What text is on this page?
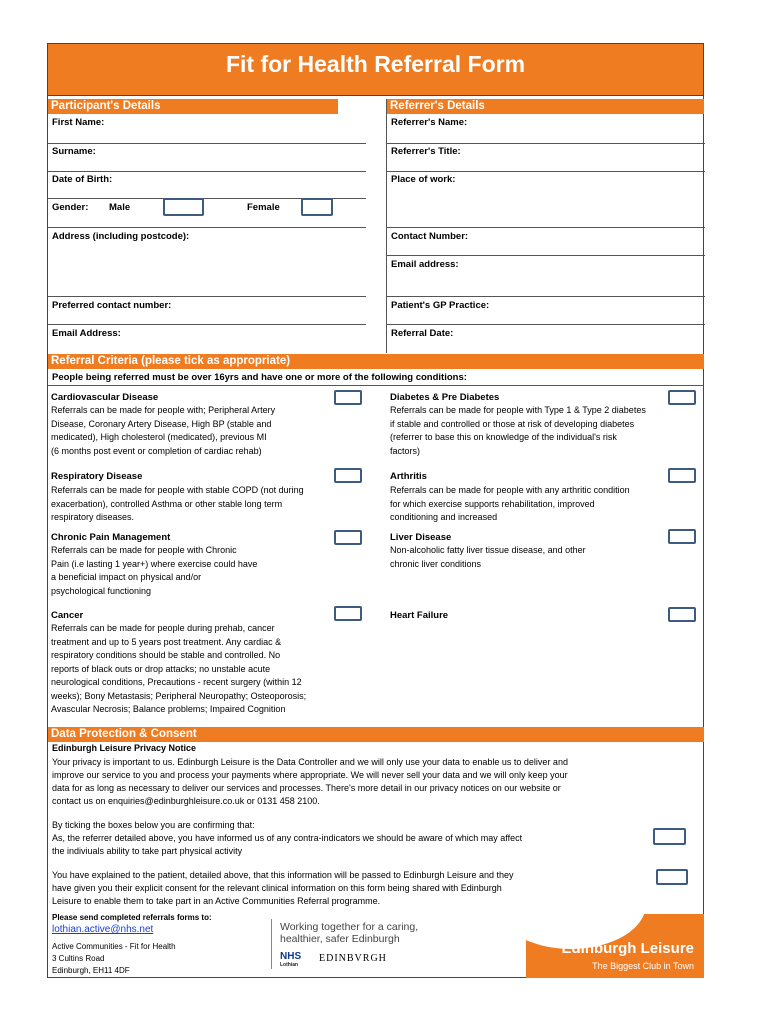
Fit for Health Referral Form
Participant's Details	Referrer's Details
First Name:
Surname:
Date of Birth:
Gender: Male	Female
Address (including postcode):
Preferred contact number:
Email Address:
Referrer's Name:
Referrer's Title:
Place of work:
Contact Number:
Email address:
Patient's GP Practice:
Referral Date:
Referral Criteria (please tick as appropriate)
People being referred must be over 16yrs and have one or more of the following conditions:
Cardiovascular Disease
Referrals can be made for people with; Peripheral Artery
Disease, Coronary Artery Disease, High BP (stable and
medicated), High cholesterol (medicated), previous MI
(6 months post event or completion of cardiac rehab)
Diabetes & Pre Diabetes
Referrals can be made for people with Type 1 & Type 2 diabetes
if stable and controlled or those at risk of developing diabetes
(referrer to base this on knowledge of the individual's risk
factors)
Respiratory Disease
Referrals can be made for people with stable COPD (not during
exacerbation), controlled Asthma or other stable long term
respiratory diseases.
Arthritis
Referrals can be made for people with any arthritic condition
for which exercise supports rehabilitation, improved
conditioning and increased
Chronic Pain Management
Referrals can be made for people with Chronic
Pain (i.e lasting 1 year+) where exercise could have
a beneficial impact on physical and/or
psychological functioning
Liver Disease
Non-alcoholic fatty liver tissue disease, and other
chronic liver conditions
Cancer
Referrals can be made for people during prehab, cancer
treatment and up to 5 years post treatment. Any cardiac &
respiratory conditions should be stable and controlled. No
reports of black outs or drop attacks; no unstable acute
neurological conditions, Precautions - recent surgery (within 12
weeks); Bony Metastasis; Peripheral Neuropathy; Osteoporosis;
Avascular Necrosis; Balance problems; Impaired Cognition
Heart Failure
Data Protection & Consent
Edinburgh Leisure Privacy Notice
Your privacy is important to us. Edinburgh Leisure is the Data Controller and we will only use your data to enable us to deliver and
improve our service to you and process your payments where appropriate. We will never sell your data and we will only keep your
data for as long as necessary to deliver our services and processes. There's more detail in our privacy notices on our website or
contact us on enquiries@edinburghleisure.co.uk or 0131 458 2100.
By ticking the boxes below you are confirming that:
As, the referrer detailed above, you have informed us of any contra-indicators we should be aware of which may affect
the indiviuals ability to take part physical activity
You have explained to the patient, detailed above, that this information will be passed to Edinburgh Leisure and they
have given you their explicit consent for the relevant clinical information on this form being shared with Edinburgh
Leisure to enable them to take part in an Active Communities Referral programme.
Please send completed referrals forms to:
lothian.active@nhs.net
Active Communities - Fit for Health
3 Cultins Road
Edinburgh, EH11 4DF
Working together for a caring,
healthier, safer Edinburgh
NHS
Lothian
EDINBVRGH
Edinburgh Leisure
The Biggest Club in Town
